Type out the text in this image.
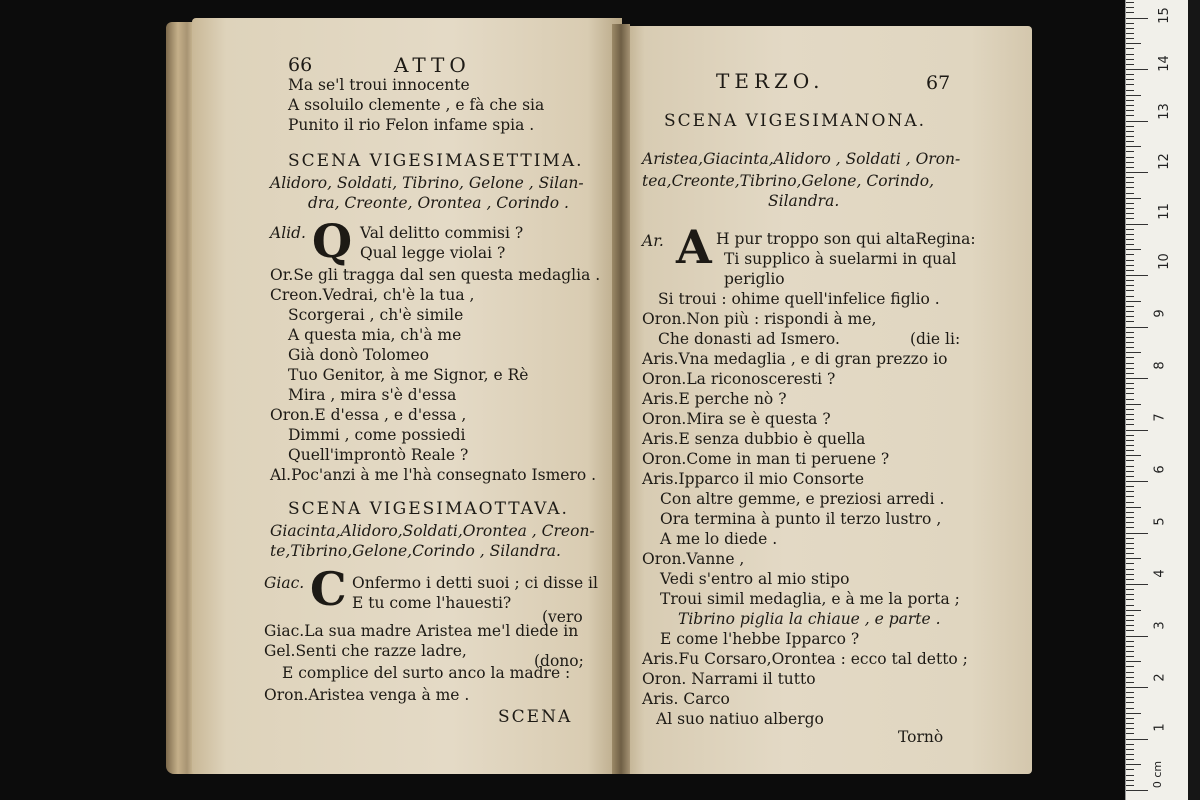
66	ATTO
Ma se'l troui innocente
A ssoluilo clemente , e fà che sia
Punito il rio Felon infame spia .
SCENA VIGESIMASETTIMA.
Alidoro, Soldati, Tibrino, Gelone , Silan-
dra, Creonte, Orontea , Corindo .
Alid. Q Val delitto commisi ?
Qual legge violai ?
Or.Se gli tragga dal sen questa medaglia .
Creon.Vedrai, ch'è la tua ,
Scorgerai , ch'è simile
A questa mia, ch'à me
Già donò Tolomeo
Tuo Genitor, à me Signor, e Rè
Mira , mira s'è d'essa
Oron.E d'essa , e d'essa ,
Dimmi , come possiedi
Quell'improntò Reale ?
Al.Poc'anzi à me l'hà consegnato Ismero .
SCENA VIGESIMAOTTAVA.
Giacinta,Alidoro,Soldati,Orontea , Creon-
te,Tibrino,Gelone,Corindo , Silandra.
Giac. C Onfermo i detti suoi ; ci disse il
E tu come l'hauesti?
(vero
Giac.La sua madre Aristea me'l diede in
Gel.Senti che razze ladre,
(dono;
E complice del surto anco la madre :
Oron.Aristea venga à me .
SCENA
TERZO.	67
SCENA VIGESIMANONA.
Aristea,Giacinta,Alidoro , Soldati , Oron-
tea,Creonte,Tibrino,Gelone, Corindo,
Silandra.
Ar. A H pur troppo son qui altaRegina:
Ti supplico à suelarmi in qual
periglio
Si troui : ohime quell'infelice figlio .
Oron.Non più : rispondi à me,
Che donasti ad Ismero.	(die li:
Aris.Vna medaglia , e di gran prezzo io
Oron.La riconosceresti ?
Aris.E perche nò ?
Oron.Mira se è questa ?
Aris.E senza dubbio è quella
Oron.Come in man ti peruene ?
Aris.Ipparco il mio Consorte
Con altre gemme, e preziosi arredi .
Ora termina à punto il terzo lustro ,
A me lo diede .
Oron.Vanne ,
Vedi s'entro al mio stipo
Troui simil medaglia, e à me la porta ;
Tibrino piglia la chiaue , e parte .
E come l'hebbe Ipparco ?
Aris.Fu Corsaro,Orontea : ecco tal detto ;
Oron. Narrami il tutto
Aris. Carco
Al suo natiuo albergo
Tornò
15
14
13
12
11
10
9
8
7
6
5
4
3
2
1
0 cm
